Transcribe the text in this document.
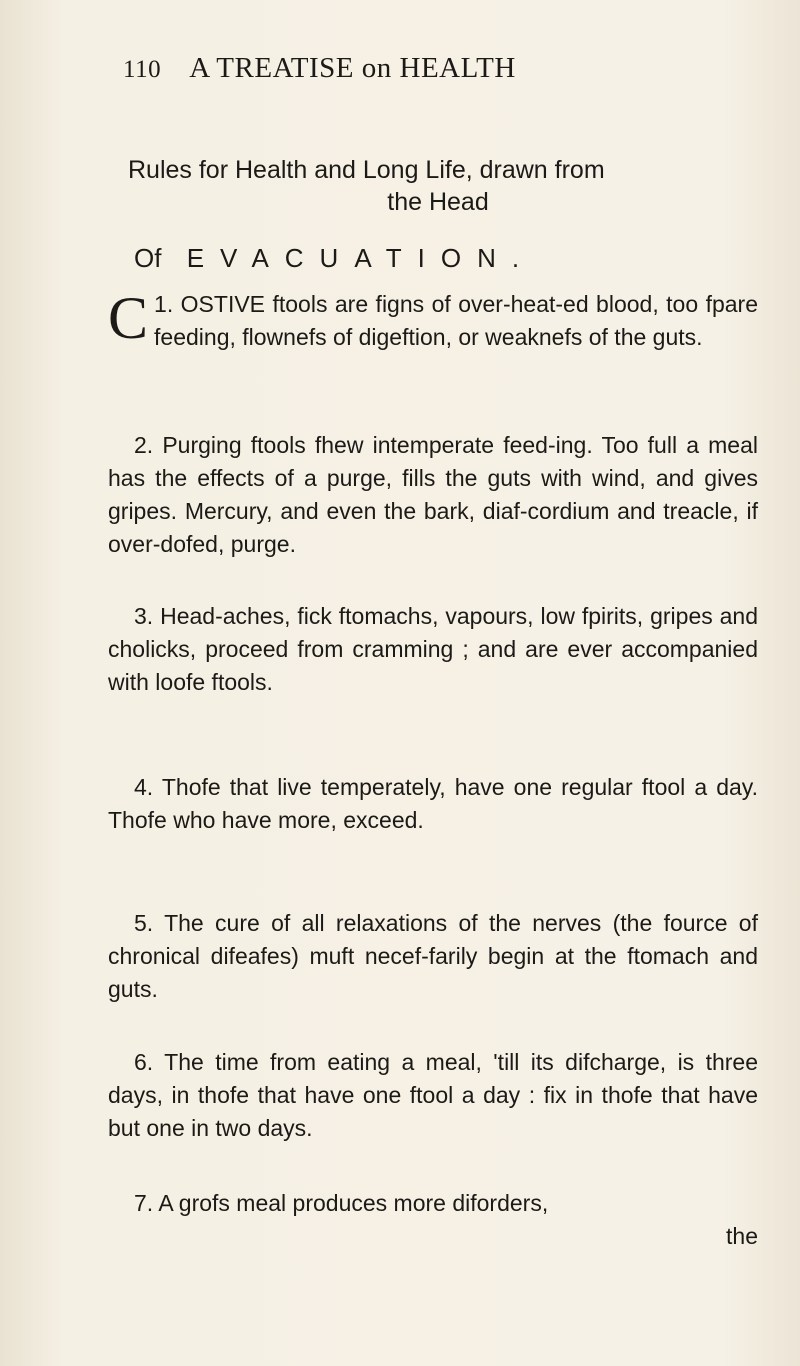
110 A TREATISE on HEALTH
Rules for Health and Long Life, drawn from
the Head
Of EVACUATION.
1.
C OSTIVE ftools are figns of over-heat-ed blood, too fpare feeding, flownefs of digeftion, or weaknefs of the guts.
2. Purging ftools fhew intemperate feed-ing. Too full a meal has the effects of a purge, fills the guts with wind, and gives gripes. Mercury, and even the bark, diaf-cordium and treacle, if over-dofed, purge.
3. Head-aches, fick ftomachs, vapours, low fpirits, gripes and cholicks, proceed from cramming ; and are ever accompanied with loofe ftools.
4. Thofe that live temperately, have one regular ftool a day. Thofe who have more, exceed.
5. The cure of all relaxations of the nerves (the fource of chronical difeafes) muft necef-farily begin at the ftomach and guts.
6. The time from eating a meal, 'till its difcharge, is three days, in thofe that have one ftool a day : fix in thofe that have but one in two days.
7. A grofs meal produces more diforders,
the
